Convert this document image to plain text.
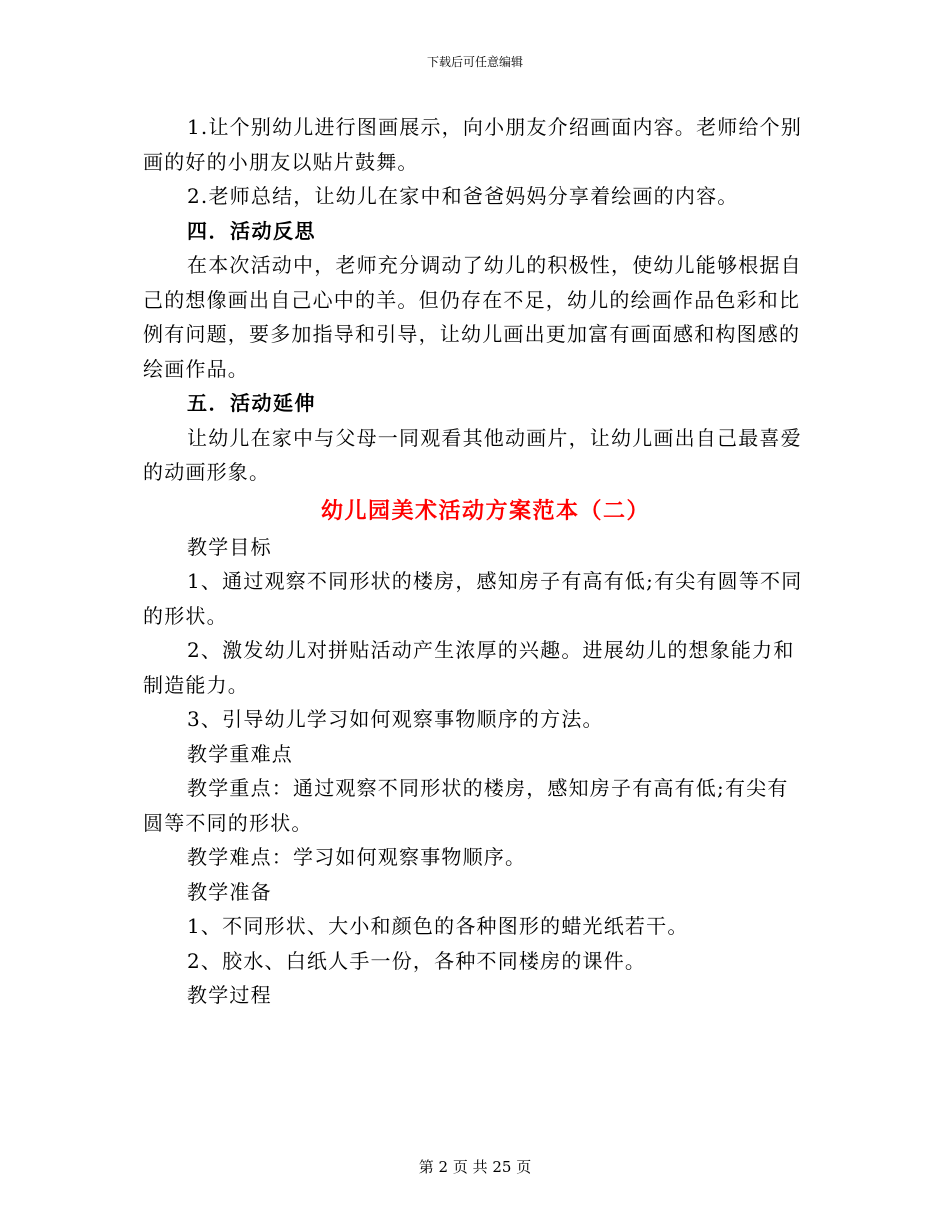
下载后可任意编辑

1.让个别幼儿进行图画展示，向小朋友介绍画面内容。老师给个别画的好的小朋友以贴片鼓舞。

2.老师总结，让幼儿在家中和爸爸妈妈分享着绘画的内容。

四．活动反思

在本次活动中，老师充分调动了幼儿的积极性，使幼儿能够根据自己的想像画出自己心中的羊。但仍存在不足，幼儿的绘画作品色彩和比例有问题，要多加指导和引导，让幼儿画出更加富有画面感和构图感的绘画作品。

五．活动延伸

让幼儿在家中与父母一同观看其他动画片，让幼儿画出自己最喜爱的动画形象。

幼儿园美术活动方案范本（二）

教学目标

1、通过观察不同形状的楼房，感知房子有高有低;有尖有圆等不同的形状。

2、激发幼儿对拼贴活动产生浓厚的兴趣。进展幼儿的想象能力和制造能力。

3、引导幼儿学习如何观察事物顺序的方法。

教学重难点

教学重点：通过观察不同形状的楼房，感知房子有高有低;有尖有圆等不同的形状。

教学难点：学习如何观察事物顺序。

教学准备

1、不同形状、大小和颜色的各种图形的蜡光纸若干。

2、胶水、白纸人手一份，各种不同楼房的课件。

教学过程

第 2 页 共 25 页
